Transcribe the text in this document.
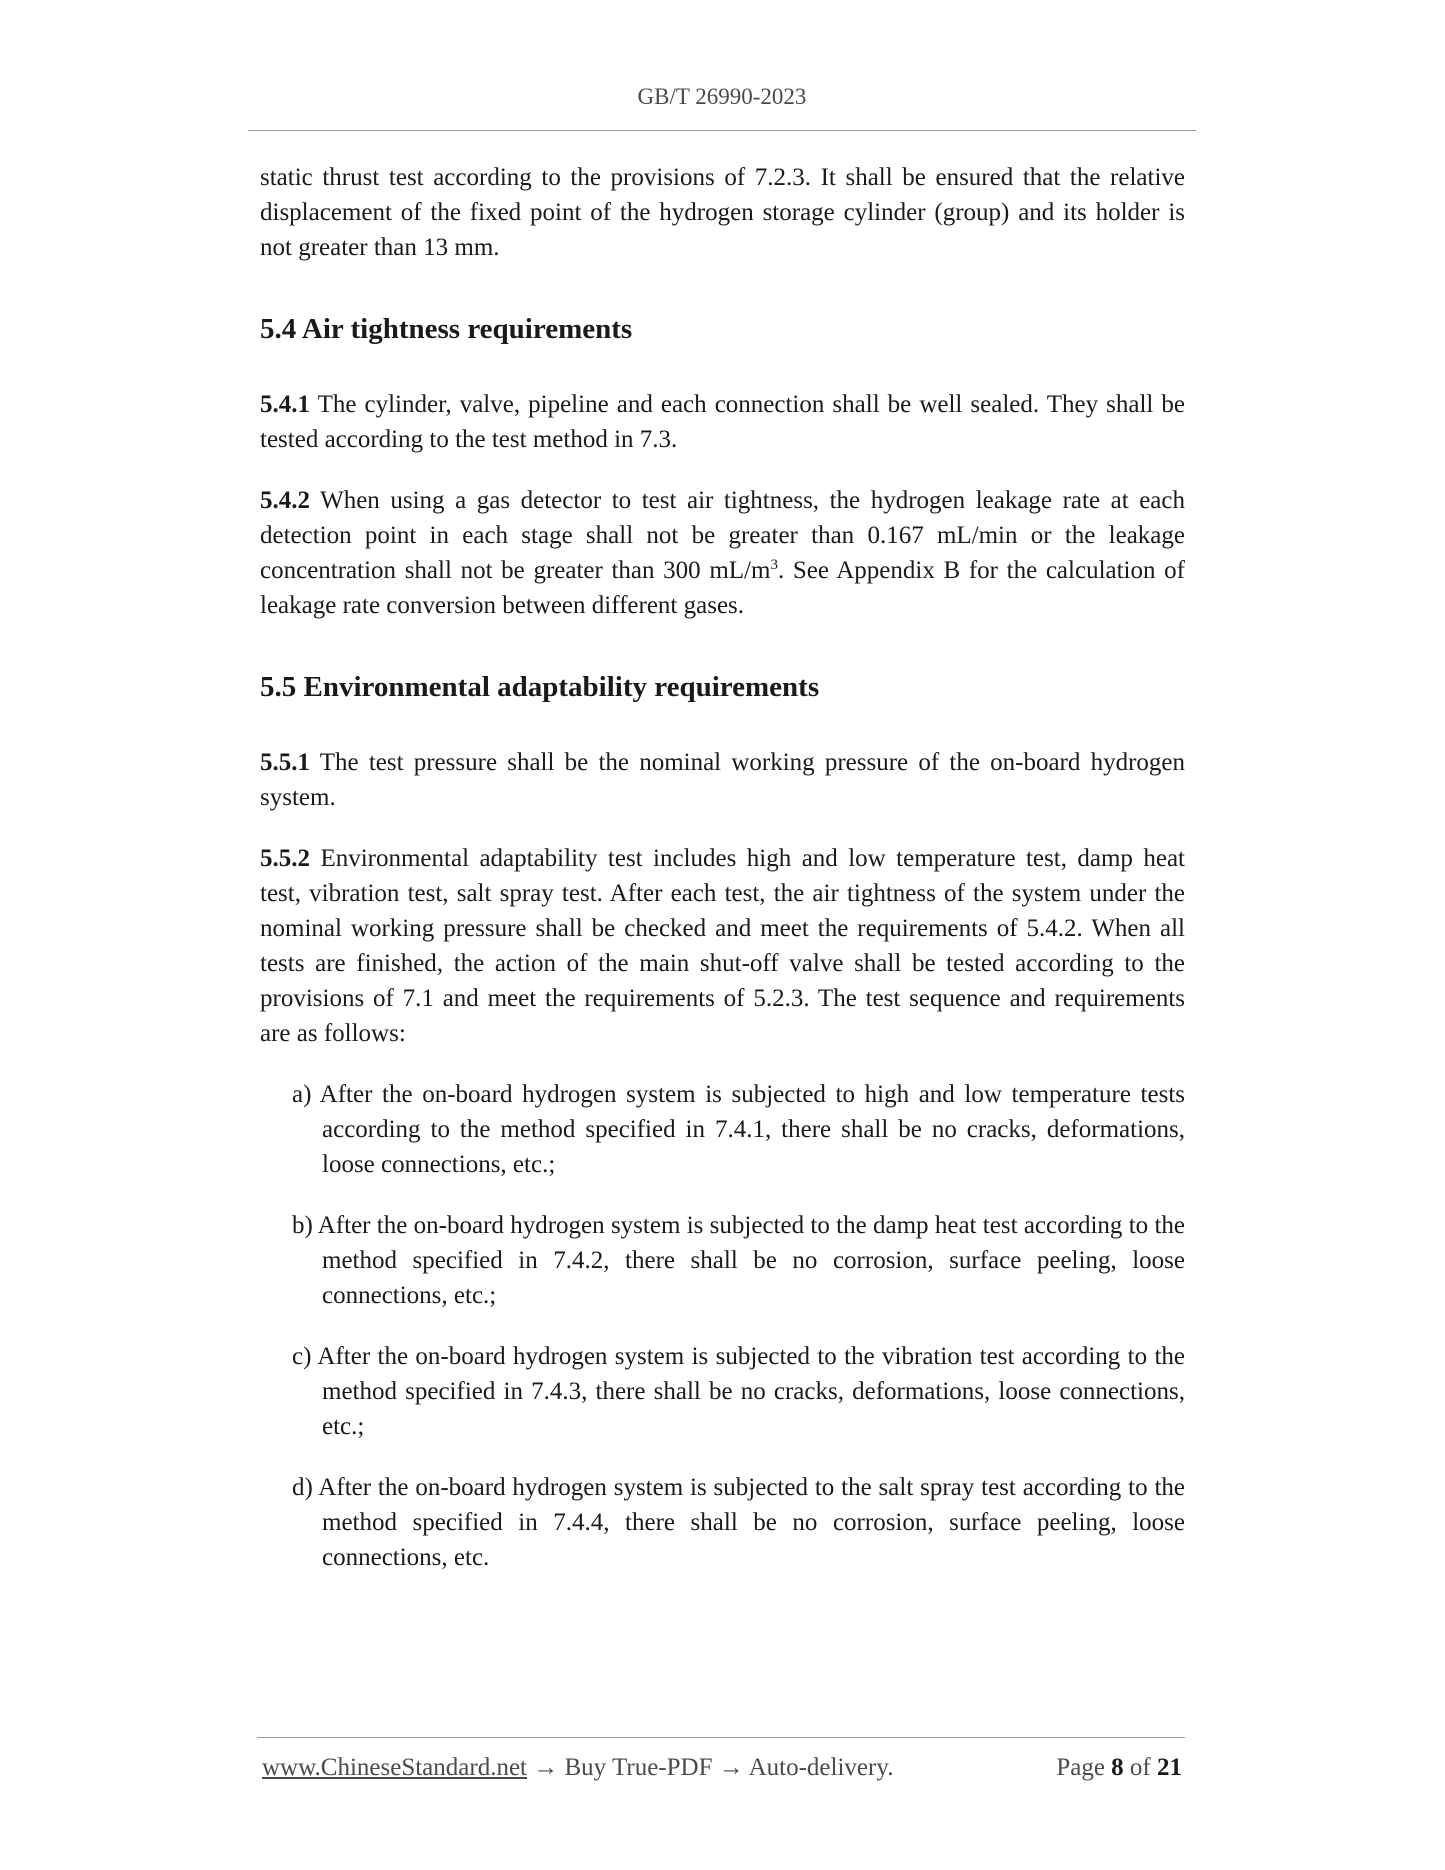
GB/T 26990-2023

static thrust test according to the provisions of 7.2.3. It shall be ensured that the relative displacement of the fixed point of the hydrogen storage cylinder (group) and its holder is not greater than 13 mm.

5.4 Air tightness requirements

5.4.1 The cylinder, valve, pipeline and each connection shall be well sealed. They shall be tested according to the test method in 7.3.

5.4.2 When using a gas detector to test air tightness, the hydrogen leakage rate at each detection point in each stage shall not be greater than 0.167 mL/min or the leakage concentration shall not be greater than 300 $mL/m^3$. See Appendix B for the calculation of leakage rate conversion between different gases.

5.5 Environmental adaptability requirements

5.5.1 The test pressure shall be the nominal working pressure of the on-board hydrogen system.

5.5.2 Environmental adaptability test includes high and low temperature test, damp heat test, vibration test, salt spray test. After each test, the air tightness of the system under the nominal working pressure shall be checked and meet the requirements of 5.4.2. When all tests are finished, the action of the main shut-off valve shall be tested according to the provisions of 7.1 and meet the requirements of 5.2.3. The test sequence and requirements are as follows:

a) After the on-board hydrogen system is subjected to high and low temperature tests according to the method specified in 7.4.1, there shall be no cracks, deformations, loose connections, etc.;
b) After the on-board hydrogen system is subjected to the damp heat test according to the method specified in 7.4.2, there shall be no corrosion, surface peeling, loose connections, etc.;
c) After the on-board hydrogen system is subjected to the vibration test according to the method specified in 7.4.3, there shall be no cracks, deformations, loose connections, etc.;
d) After the on-board hydrogen system is subjected to the salt spray test according to the method specified in 7.4.4, there shall be no corrosion, surface peeling, loose connections, etc.
www.ChineseStandard.net → Buy True-PDF → Auto-delivery.	Page 8 of 21
